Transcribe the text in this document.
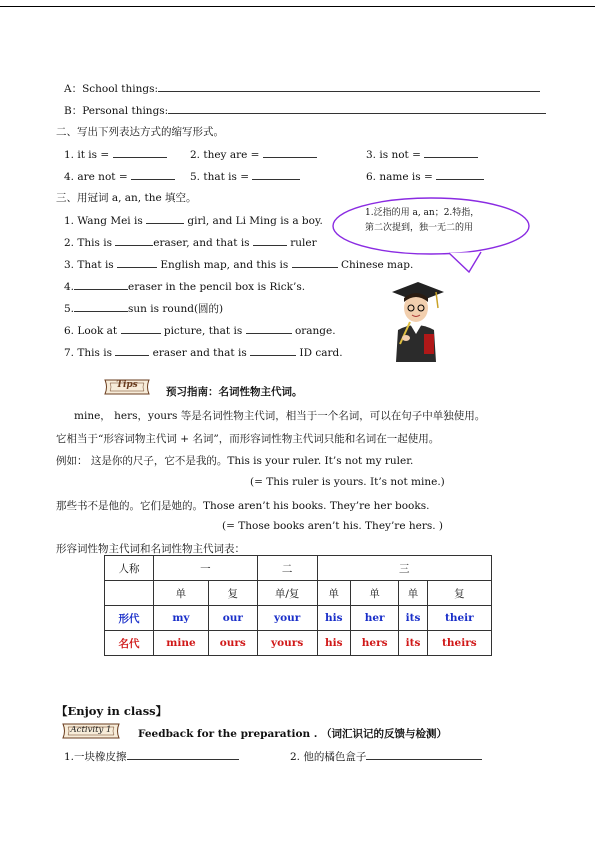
A：School things:
B：Personal things:
二、写出下列表达方式的缩写形式。
1. it is =	2. they are =	3. is not =
4. are not =	5. that is =	6. name is =
三、用冠词 a, an, the 填空。
1. Wang Mei is	girl, and Li Ming is a boy.
2. This is	eraser, and that is	ruler
3. That is	English map, and this is	Chinese map.
4.	eraser in the pencil box is Rick’s.
5.	sun is round(圆的)
6. Look at	picture, that is	orange.
7. This is	eraser and that is	ID card.
1.泛指的用 a, an；2.特指，
第二次提到，独一无二的用
Tips
预习指南：名词性物主代词。
mine， hers，yours 等是名词性物主代词，相当于一个名词，可以在句子中单独使用。
它相当于“形容词物主代词 + 名词”，而形容词性物主代词只能和名词在一起使用。
例如： 这是你的尺子，它不是我的。This is your ruler. It’s not my ruler.
(= This ruler is yours. It’s not mine.)
那些书不是他的。它们是她的。Those aren’t his books. They’re her books.
(= Those books aren’t his. They’re hers. )
形容词性物主代词和名词性物主代词表：
人称	一		二	三			
	单	复	单/复	单	单	单	复
形代	my	our	your	his	her	its	their
名代	mine	ours	yours	his	hers	its	theirs
【Enjoy in class】
Activity 1	Feedback for the preparation . （词汇识记的反馈与检测）
1.一块橡皮擦	2. 他的橘色盒子
